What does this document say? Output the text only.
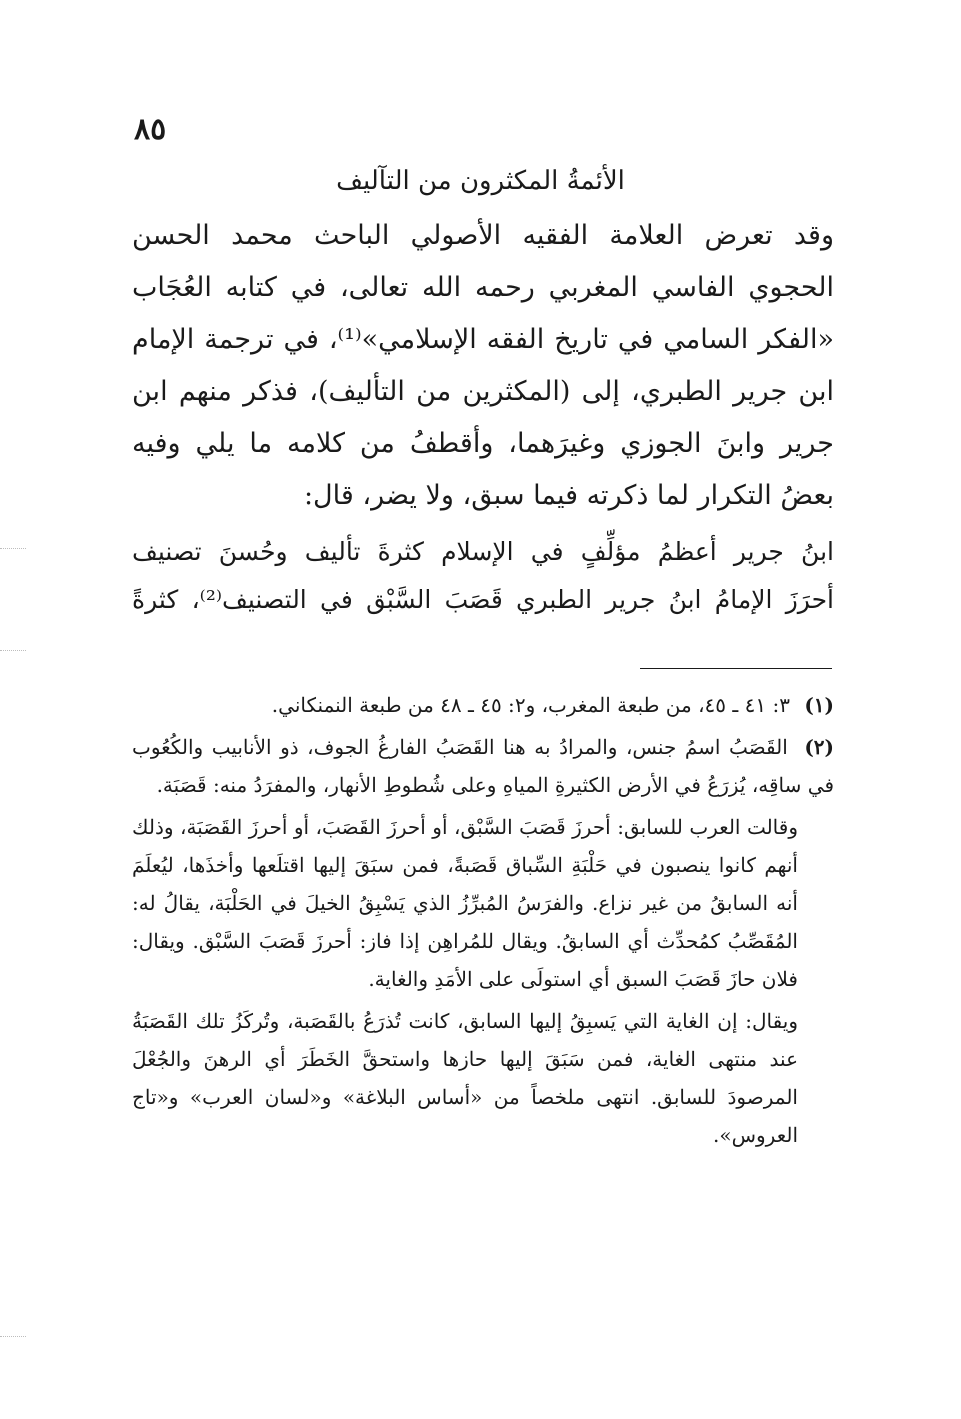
٨٥
الأئمةُ المكثرون من التآليف

وقد تعرض العلامة الفقيه الأصولي الباحث محمد الحسن الحجوي الفاسي المغربي رحمه الله تعالى، في كتابه العُجَاب «الفكر السامي في تاريخ الفقه الإسلامي»⁽¹⁾، في ترجمة الإمام ابن جرير الطبري، إلى (المكثرين من التأليف)، فذكر منهم ابن جرير وابنَ الجوزي وغيرَهما، وأقطفُ من كلامه ما يلي وفيه بعضُ التكرار لما ذكرته فيما سبق، ولا يضر، قال:

ابنُ جرير أعظمُ مؤلِّفٍ في الإسلام كثرةَ تأليف وحُسنَ تصنيف
أحرَزَ الإمامُ ابنُ جرير الطبري قَصَبَ السَّبْق في التصنيف⁽²⁾، كثرةً

(١) ٣: ٤١ ـ ٤٥، من طبعة المغرب، و٢: ٤٥ ـ ٤٨ من طبعة النمنكاني.

(٢) القَصَبُ اسمُ جنس، والمرادُ به هنا القَصَبُ الفارغُ الجوف، ذو الأنابيب والكُعُوب في ساقِه، يُزرَعُ في الأرض الكثيرةِ المياهِ وعلى شُطوطِ الأنهار، والمفرَدُ منه: قَصَبَة.

وقالت العرب للسابق: أحرزَ قَصَبَ السَّبْق، أو أحرزَ القَصَبَ، أو أحرزَ القَصَبَة، وذلك أنهم كانوا ينصبون في حَلْبَةِ السِّباق قَصَبةً، فمن سبَقَ إليها اقتلَعها وأخذَها، ليُعلَمَ أنه السابقُ من غير نزاع. والفرَسُ المُبرِّزُ الذي يَسْبِقُ الخيلَ في الحَلْبَة، يقالُ له: المُقَصِّبُ كمُحدِّث أي السابقُ. ويقال للمُراهِن إذا فاز: أحرزَ قَصَبَ السَّبْق. ويقال: فلان حازَ قَصَبَ السبق أي استولَى على الأمَدِ والغاية.

ويقال: إن الغاية التي يَسبِقُ إليها السابق، كانت تُذرَعُ بالقَصَبة، وتُركَزُ تلك القَصَبَةُ عند منتهى الغاية، فمن سَبَقَ إليها حازها واستحقَّ الخَطَرَ أي الرهنَ والجُعْلَ المرصودَ للسابق. انتهى ملخصاً من «أساس البلاغة» و«لسان العرب» و«تاج العروس».
